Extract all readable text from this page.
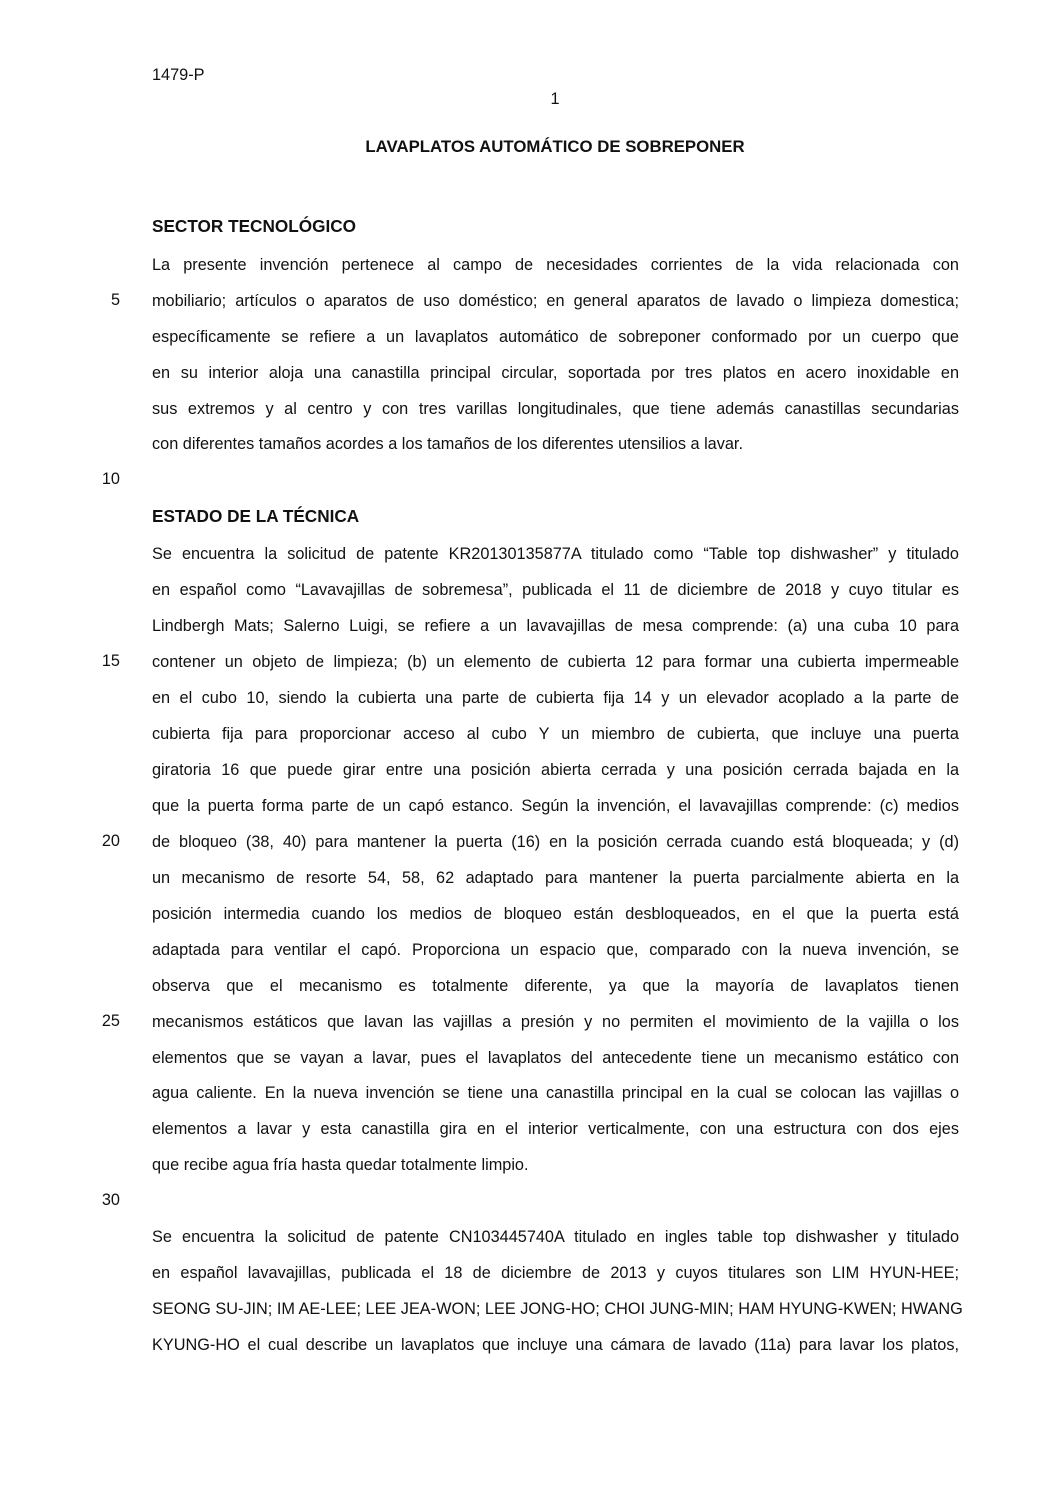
1479-P
1
LAVAPLATOS AUTOMÁTICO DE SOBREPONER
SECTOR TECNOLÓGICO
La presente invención pertenece al campo de necesidades corrientes de la vida relacionada con
mobiliario; artículos o aparatos de uso doméstico; en general aparatos de lavado o limpieza domestica;
específicamente se refiere a un lavaplatos automático de sobreponer conformado por un cuerpo que
en su interior aloja una canastilla principal circular, soportada por tres platos en acero inoxidable en
sus extremos y al centro y con tres varillas longitudinales, que tiene además canastillas secundarias
con diferentes tamaños acordes a los tamaños de los diferentes utensilios a lavar.
ESTADO DE LA TÉCNICA
Se encuentra la solicitud de patente KR20130135877A titulado como “Table top dishwasher” y titulado
en español como “Lavavajillas de sobremesa”, publicada el 11 de diciembre de 2018 y cuyo titular es
Lindbergh Mats; Salerno Luigi, se refiere a un lavavajillas de mesa comprende: (a) una cuba 10 para
contener un objeto de limpieza; (b) un elemento de cubierta 12 para formar una cubierta impermeable
en el cubo 10, siendo la cubierta una parte de cubierta fija 14 y un elevador acoplado a la parte de
cubierta fija para proporcionar acceso al cubo Y un miembro de cubierta, que incluye una puerta
giratoria 16 que puede girar entre una posición abierta cerrada y una posición cerrada bajada en la
que la puerta forma parte de un capó estanco. Según la invención, el lavavajillas comprende: (c) medios
de bloqueo (38, 40) para mantener la puerta (16) en la posición cerrada cuando está bloqueada; y (d)
un mecanismo de resorte 54, 58, 62 adaptado para mantener la puerta parcialmente abierta en la
posición intermedia cuando los medios de bloqueo están desbloqueados, en el que la puerta está
adaptada para ventilar el capó. Proporciona un espacio que, comparado con la nueva invención, se
observa que el mecanismo es totalmente diferente, ya que la mayoría de lavaplatos tienen
mecanismos estáticos que lavan las vajillas a presión y no permiten el movimiento de la vajilla o los
elementos que se vayan a lavar, pues el lavaplatos del antecedente tiene un mecanismo estático con
agua caliente. En la nueva invención se tiene una canastilla principal en la cual se colocan las vajillas o
elementos a lavar y esta canastilla gira en el interior verticalmente, con una estructura con dos ejes
que recibe agua fría hasta quedar totalmente limpio.
Se encuentra la solicitud de patente CN103445740A titulado en ingles table top dishwasher y titulado
en español lavavajillas, publicada el 18 de diciembre de 2013 y cuyos titulares son LIM HYUN-HEE;
SEONG SU-JIN; IM AE-LEE; LEE JEA-WON; LEE JONG-HO; CHOI JUNG-MIN; HAM HYUNG-KWEN; HWANG
KYUNG-HO el cual describe un lavaplatos que incluye una cámara de lavado (11a) para lavar los platos,
5
10
15
20
25
30
